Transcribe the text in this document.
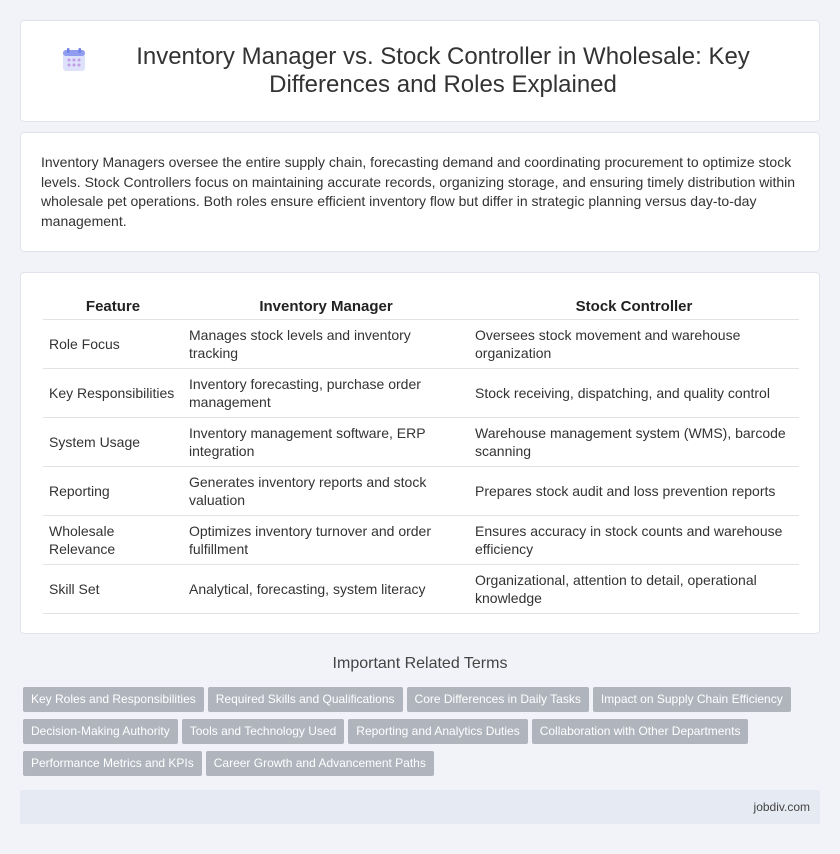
Inventory Manager vs. Stock Controller in Wholesale: Key Differences and Roles Explained

Inventory Managers oversee the entire supply chain, forecasting demand and coordinating procurement to optimize stock levels. Stock Controllers focus on maintaining accurate records, organizing storage, and ensuring timely distribution within wholesale pet operations. Both roles ensure efficient inventory flow but differ in strategic planning versus day-to-day management.

Feature	Inventory Manager	Stock Controller
Role Focus	Manages stock levels and inventory tracking	Oversees stock movement and warehouse organization
Key Responsibilities	Inventory forecasting, purchase order management	Stock receiving, dispatching, and quality control
System Usage	Inventory management software, ERP integration	Warehouse management system (WMS), barcode scanning
Reporting	Generates inventory reports and stock valuation	Prepares stock audit and loss prevention reports
Wholesale Relevance	Optimizes inventory turnover and order fulfillment	Ensures accuracy in stock counts and warehouse efficiency
Skill Set	Analytical, forecasting, system literacy	Organizational, attention to detail, operational knowledge
Important Related Terms
Key Roles and Responsibilities Required Skills and Qualifications Core Differences in Daily Tasks Impact on Supply Chain EfficiencyDecision-Making Authority Tools and Technology Used Reporting and Analytics Duties Collaboration with Other DepartmentsPerformance Metrics and KPIs Career Growth and Advancement Paths
jobdiv.com
